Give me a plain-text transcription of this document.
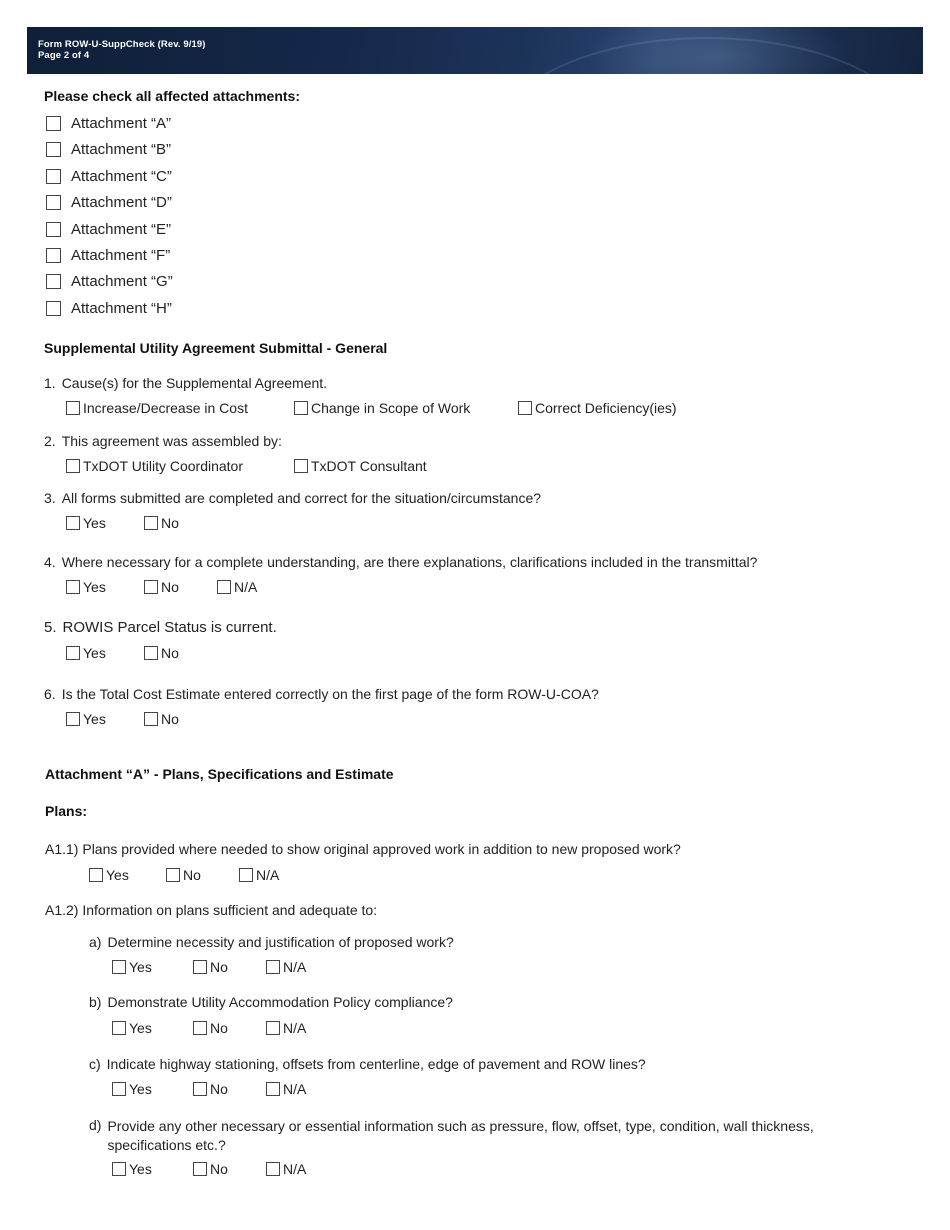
Form ROW-U-SuppCheck (Rev. 9/19)
Page 2 of 4
Please check all affected attachments:
Attachment “A”
Attachment “B”
Attachment “C”
Attachment “D”
Attachment “E”
Attachment “F”
Attachment “G”
Attachment “H”
Supplemental Utility Agreement Submittal - General
1. Cause(s) for the Supplemental Agreement.
Increase/Decrease in Cost	Change in Scope of Work	Correct Deficiency(ies)
2. This agreement was assembled by:
TxDOT Utility Coordinator	TxDOT Consultant
3. All forms submitted are completed and correct for the situation/circumstance?
Yes	No
4. Where necessary for a complete understanding, are there explanations, clarifications included in the transmittal?
Yes	No	N/A
5. ROWIS Parcel Status is current.
Yes	No
6. Is the Total Cost Estimate entered correctly on the first page of the form ROW-U-COA?
Yes	No
Attachment “A” - Plans, Specifications and Estimate
Plans:
A1.1) Plans provided where needed to show original approved work in addition to new proposed work?
Yes	No	N/A
A1.2) Information on plans sufficient and adequate to:
a) Determine necessity and justification of proposed work?
Yes	No	N/A
b) Demonstrate Utility Accommodation Policy compliance?
Yes	No	N/A
c) Indicate highway stationing, offsets from centerline, edge of pavement and ROW lines?
Yes	No	N/A
d) Provide any other necessary or essential information such as pressure, flow, offset, type, condition, wall thickness, specifications etc.?
Yes	No	N/A
